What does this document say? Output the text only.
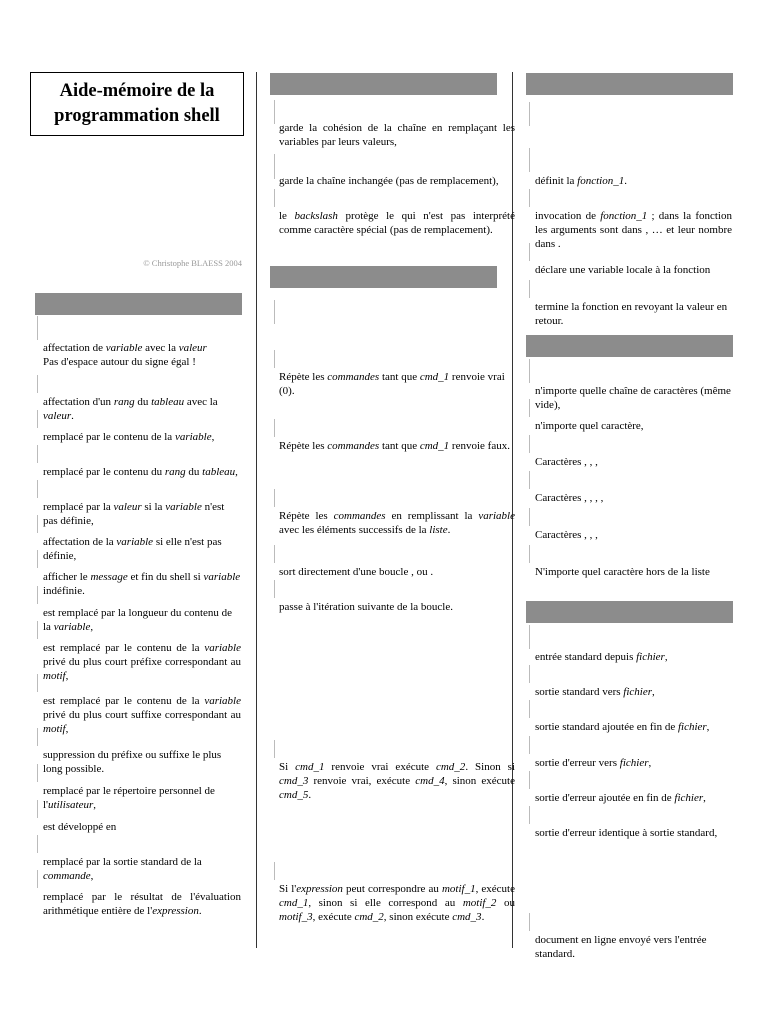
Aide-mémoire de la
programmation shell
© Christophe BLAESS 2004
affectation de variable avec la valeur
Pas d'espace autour du signe égal !
affectation d'un rang du tableau avec la valeur.
remplacé par le contenu de la variable,
remplacé par le contenu du rang du tableau,
remplacé par la valeur si la variable n'est pas définie,
affectation de la variable si elle n'est pas définie,
afficher le message et fin du shell si variable indéfinie.
est remplacé par la longueur du contenu de la variable,
est remplacé par le contenu de la variable privé du plus court préfixe correspondant au motif,
est remplacé par le contenu de la variable privé du plus court suffixe correspondant au motif,
suppression du préfixe ou suffixe le plus long possible.
remplacé par le répertoire personnel de l'utilisateur,
est développé en
remplacé par la sortie standard de la commande,
remplacé par le résultat de l'évaluation arithmétique entière de l'expression.
garde la cohésion de la chaîne en remplaçant les variables par leurs valeurs,
garde la chaîne inchangée (pas de remplacement),
le backslash protège le qui n'est pas interprété comme caractère spécial (pas de remplacement).
Répète les commandes tant que cmd_1 renvoie vrai (0).
Répète les commandes tant que cmd_1 renvoie faux.
Répète les commandes en remplissant la variable avec les éléments successifs de la liste.
sort directement d'une boucle , ou .
passe à l'itération suivante de la boucle.
Si cmd_1 renvoie vrai exécute cmd_2. Sinon si cmd_3 renvoie vrai, exécute cmd_4, sinon exécute cmd_5.
Si l'expression peut correspondre au motif_1, exécute cmd_1, sinon si elle correspond au motif_2 ou motif_3, exécute cmd_2, sinon exécute cmd_3.
définit la fonction_1.
invocation de fonction_1 ; dans la fonction les arguments sont dans , … et leur nombre dans .
déclare une variable locale à la fonction
termine la fonction en revoyant la valeur en retour.
n'importe quelle chaîne de caractères (même vide),
n'importe quel caractère,
Caractères , , ,
Caractères , , , ,
Caractères , , ,
N'importe quel caractère hors de la liste
entrée standard depuis fichier,
sortie standard vers fichier,
sortie standard ajoutée en fin de fichier,
sortie d'erreur vers fichier,
sortie d'erreur ajoutée en fin de fichier,
sortie d'erreur identique à sortie standard,
document en ligne envoyé vers l'entrée standard.
